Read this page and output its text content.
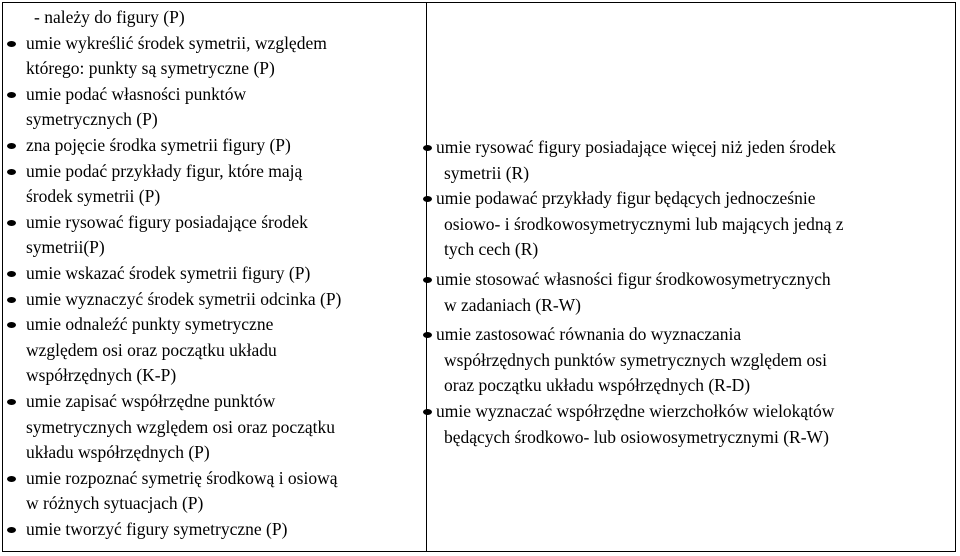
- należy do figury (P)
umie wykreślić środek symetrii, względem
którego: punkty są symetryczne (P)
umie podać własności punktów
symetrycznych (P)
zna pojęcie środka symetrii figury (P)
umie podać przykłady figur, które mają
środek symetrii (P)
umie rysować figury posiadające środek
symetrii(P)
umie wskazać środek symetrii figury (P)
umie wyznaczyć środek symetrii odcinka (P)
umie odnaleźć punkty symetryczne
względem osi oraz początku układu
współrzędnych (K-P)
umie zapisać współrzędne punktów
symetrycznych względem osi oraz początku
układu współrzędnych (P)
umie rozpoznać symetrię środkową i osiową
w różnych sytuacjach (P)
umie tworzyć figury symetryczne (P)
umie rysować figury posiadające więcej niż jeden środek
symetrii (R)
umie podawać przykłady figur będących jednocześnie
osiowo- i środkowosymetrycznymi lub mających jedną z
tych cech (R)
umie stosować własności figur środkowosymetrycznych
w zadaniach (R-W)
umie zastosować równania do wyznaczania
współrzędnych punktów symetrycznych względem osi
oraz początku układu współrzędnych (R-D)
umie wyznaczać współrzędne wierzchołków wielokątów
będących środkowo- lub osiowosymetrycznymi (R-W)
